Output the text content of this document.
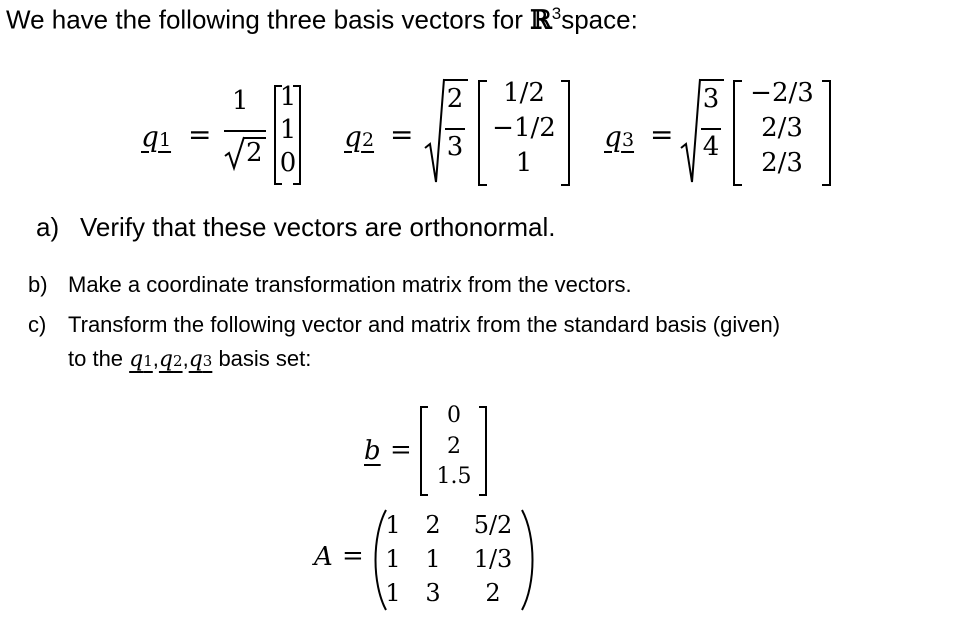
We have the following three basis vectors for ℝ$^3$space:
q1 =
1
2
1
1
0
q2 =
2
3
1/2
−1/2
1
q3 =
3
4
−2/3
2/3
2/3
a) Verify that these vectors are orthonormal.
b) Make a coordinate transformation matrix from the vectors.
c) Transform the following vector and matrix from the standard basis (given)
to the q1,q2,q3 basis set:
b =
0
2
1.5
A =
1 2	5/2
1 1	1/3
1 3	2
